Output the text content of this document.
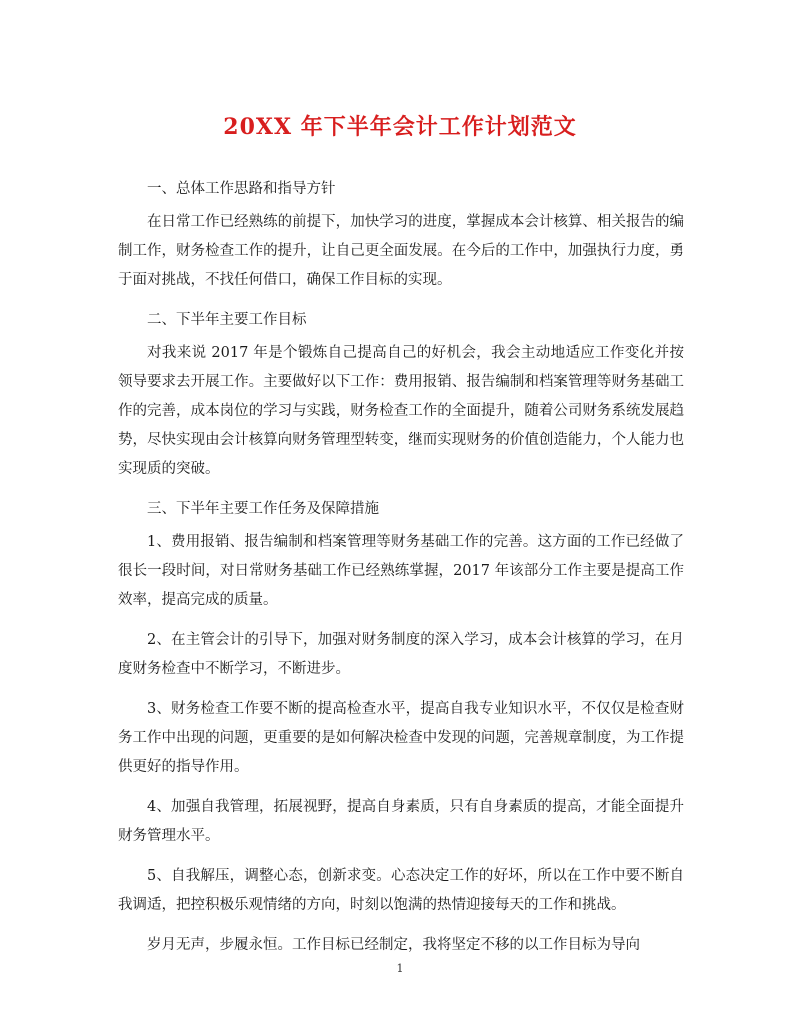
20XX 年下半年会计工作计划范文

一、总体工作思路和指导方针

在日常工作已经熟练的前提下，加快学习的进度，掌握成本会计核算、相关报告的编制工作，财务检查工作的提升，让自己更全面发展。在今后的工作中，加强执行力度，勇于面对挑战，不找任何借口，确保工作目标的实现。

二、下半年主要工作目标

对我来说 2017 年是个锻炼自己提高自己的好机会，我会主动地适应工作变化并按领导要求去开展工作。主要做好以下工作：费用报销、报告编制和档案管理等财务基础工作的完善，成本岗位的学习与实践，财务检查工作的全面提升，随着公司财务系统发展趋势，尽快实现由会计核算向财务管理型转变，继而实现财务的价值创造能力，个人能力也实现质的突破。

三、下半年主要工作任务及保障措施

1、费用报销、报告编制和档案管理等财务基础工作的完善。这方面的工作已经做了很长一段时间，对日常财务基础工作已经熟练掌握，2017 年该部分工作主要是提高工作效率，提高完成的质量。

2、在主管会计的引导下，加强对财务制度的深入学习，成本会计核算的学习，在月度财务检查中不断学习，不断进步。

3、财务检查工作要不断的提高检查水平，提高自我专业知识水平，不仅仅是检查财务工作中出现的问题，更重要的是如何解决检查中发现的问题，完善规章制度，为工作提供更好的指导作用。

4、加强自我管理，拓展视野，提高自身素质，只有自身素质的提高，才能全面提升财务管理水平。

5、自我解压，调整心态，创新求变。心态决定工作的好坏，所以在工作中要不断自我调适，把控积极乐观情绪的方向，时刻以饱满的热情迎接每天的工作和挑战。

岁月无声，步履永恒。工作目标已经制定，我将坚定不移的以工作目标为导向

1
